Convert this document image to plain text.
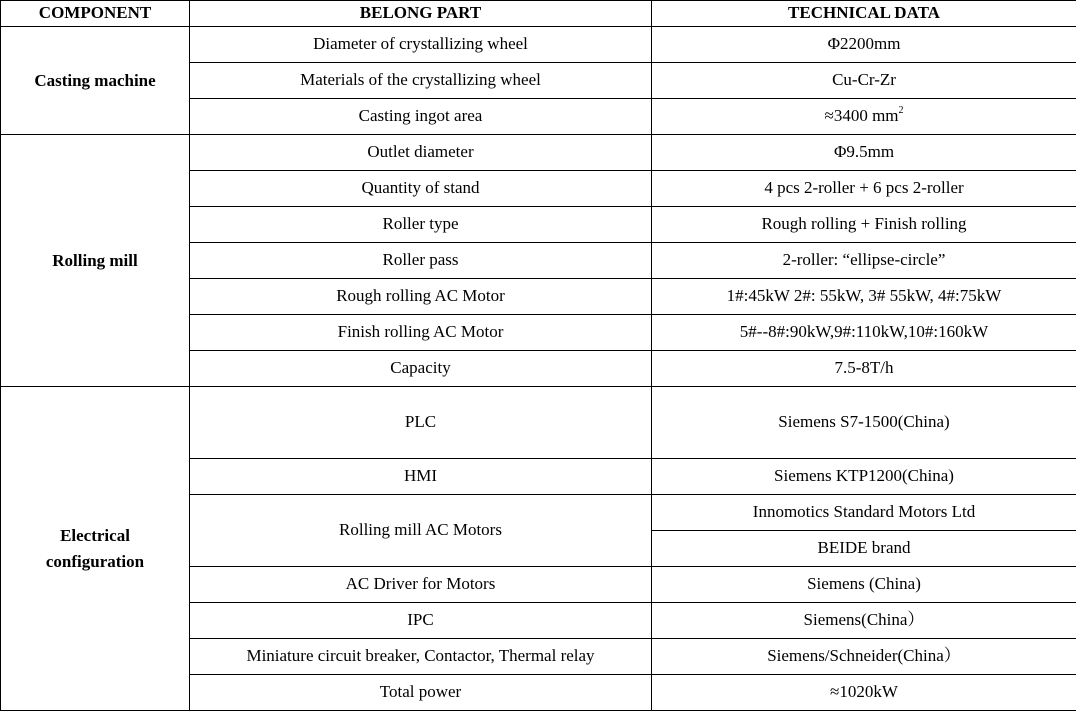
COMPONENT	BELONG PART	TECHNICAL DATA
Casting machine	Diameter of crystallizing wheel	Φ2200mm
	Materials of the crystallizing wheel	Cu-Cr-Zr
	Casting ingot area	≈3400 $mm^2$
Rolling mill	Outlet diameter	Φ9.5mm
	Quantity of stand	4 pcs 2-roller + 6 pcs 2-roller
	Roller type	Rough rolling + Finish rolling
	Roller pass	2-roller: “ellipse-circle”
	Rough rolling AC Motor	1#:45kW 2#: 55kW, 3# 55kW, 4#:75kW
	Finish rolling AC Motor	5#--8#:90kW,9#:110kW,10#:160kW
	Capacity	7.5-8T/h
Electrical
configuration	PLC	Siemens S7-1500(China)
	HMI	Siemens KTP1200(China)
	Rolling mill AC Motors	Innomotics Standard Motors Ltd
		BEIDE brand
	AC Driver for Motors	Siemens (China)
	IPC	Siemens(China）
	Miniature circuit breaker, Contactor, Thermal relay	Siemens/Schneider(China）
	Total power	≈1020kW
